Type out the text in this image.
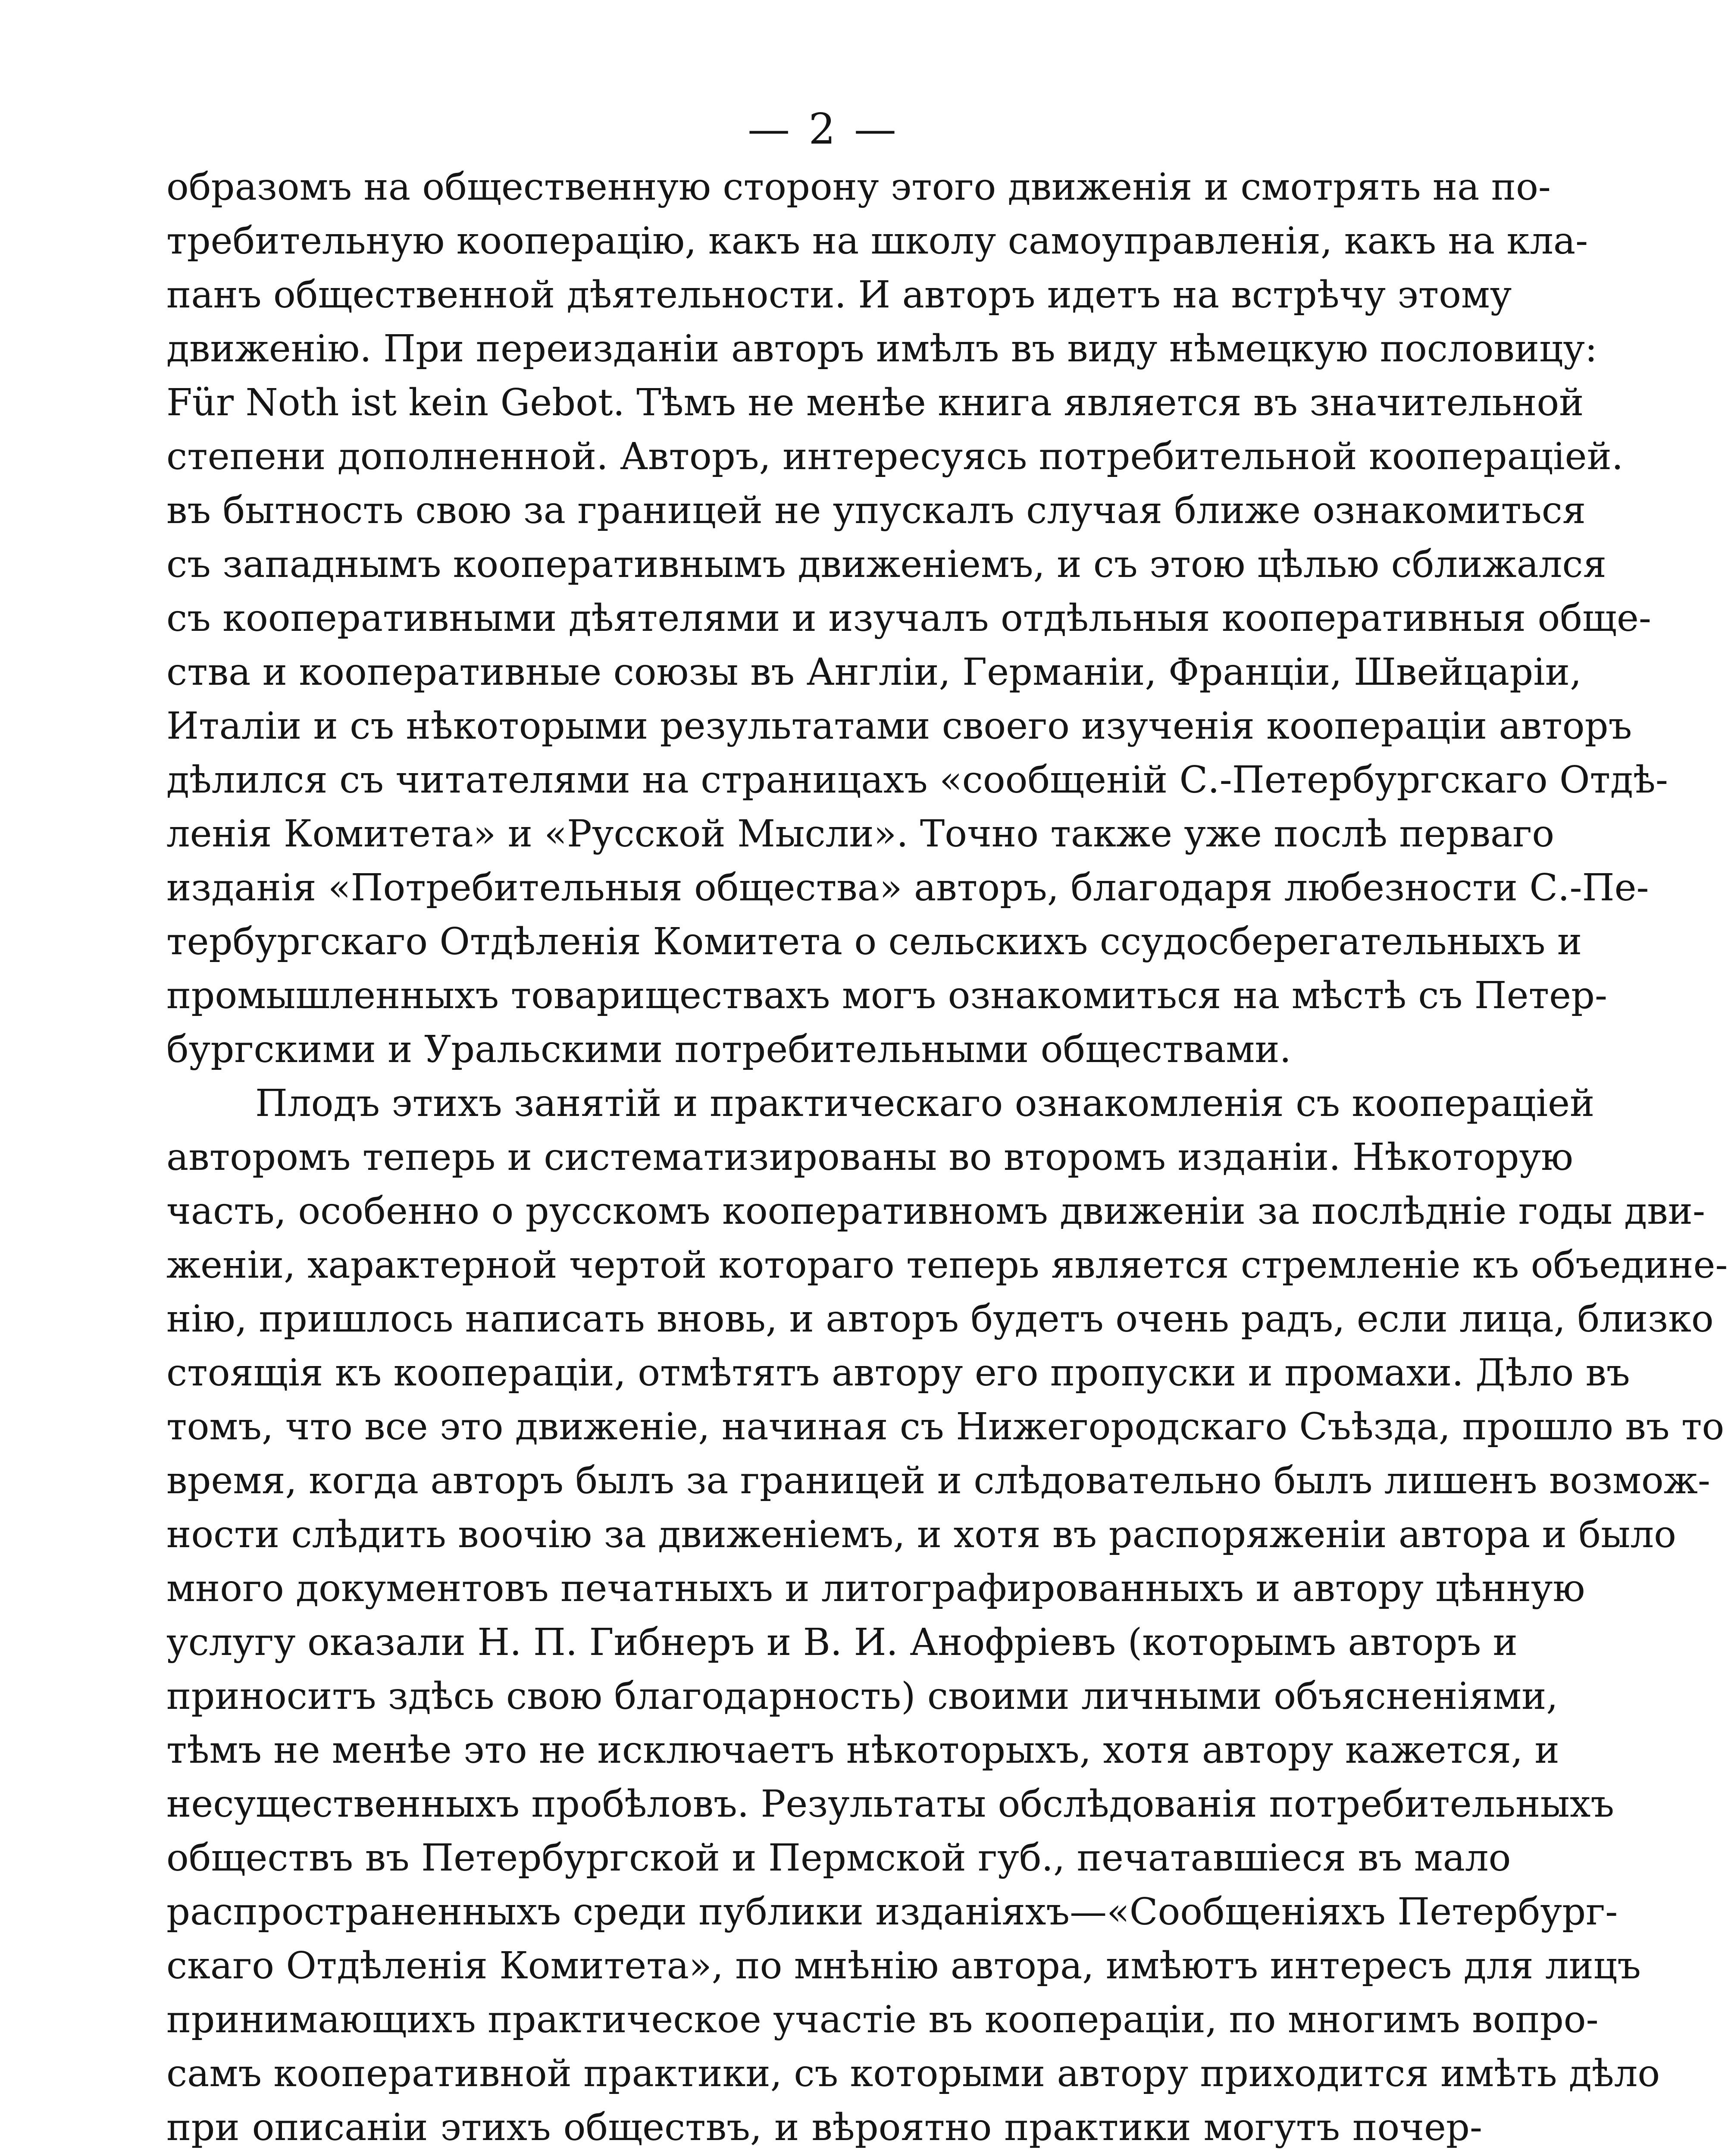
— 2 —
образомъ на общественную сторону этого движенія и смотрять на по-
требительную кооперацію, какъ на школу самоуправленія, какъ на кла-
панъ общественной дѣятельности. И авторъ идетъ на встрѣчу этому
движенію. При переизданіи авторъ имѣлъ въ виду нѣмецкую пословицу:
Für Noth ist kein Gebot. Тѣмъ не менѣе книга является въ значительной
степени дополненной. Авторъ, интересуясь потребительной коопераціей.
въ бытность свою за границей не упускалъ случая ближе ознакомиться
съ западнымъ кооперативнымъ движеніемъ, и съ этою цѣлью сближался
съ кооперативными дѣятелями и изучалъ отдѣльныя кооперативныя обще-
ства и кооперативные союзы въ Англіи, Германіи, Франціи, Швейцаріи,
Италіи и съ нѣкоторыми результатами своего изученія коопераціи авторъ
дѣлился съ читателями на страницахъ «сообщеній С.-Петербургскаго Отдѣ-
ленія Комитета» и «Русской Мысли». Точно также уже послѣ перваго
изданія «Потребительныя общества» авторъ, благодаря любезности С.-Пе-
тербургскаго Отдѣленія Комитета о сельскихъ ссудосберегательныхъ и
промышленныхъ товариществахъ могъ ознакомиться на мѣстѣ съ Петер-
бургскими и Уральскими потребительными обществами.
Плодъ этихъ занятій и практическаго ознакомленія съ коопераціей
авторомъ теперь и систематизированы во второмъ изданіи. Нѣкоторую
часть, особенно о русскомъ кооперативномъ движеніи за послѣдніе годы дви-
женіи, характерной чертой котораго теперь является стремленіе къ объедине-
нію, пришлось написать вновь, и авторъ будетъ очень радъ, если лица, близко
стоящія къ коопераціи, отмѣтятъ автору его пропуски и промахи. Дѣло въ
томъ, что все это движеніе, начиная съ Нижегородскаго Съѣзда, прошло въ то
время, когда авторъ былъ за границей и слѣдовательно былъ лишенъ возмож-
ности слѣдить воочію за движеніемъ, и хотя въ распоряженіи автора и было
много документовъ печатныхъ и литографированныхъ и автору цѣнную
услугу оказали Н. П. Гибнеръ и В. И. Анофріевъ (которымъ авторъ и
приноситъ здѣсь свою благодарность) своими личными объясненіями,
тѣмъ не менѣе это не исключаетъ нѣкоторыхъ, хотя автору кажется, и
несущественныхъ пробѣловъ. Результаты обслѣдованія потребительныхъ
обществъ въ Петербургской и Пермской губ., печатавшіеся въ мало
распространенныхъ среди публики изданіяхъ—«Сообщеніяхъ Петербург-
скаго Отдѣленія Комитета», по мнѣнію автора, имѣютъ интересъ для лицъ
принимающихъ практическое участіе въ коопераціи, по многимъ вопро-
самъ кооперативной практики, съ которыми автору приходится имѣть дѣло
при описаніи этихъ обществъ, и вѣроятно практики могутъ почер-
